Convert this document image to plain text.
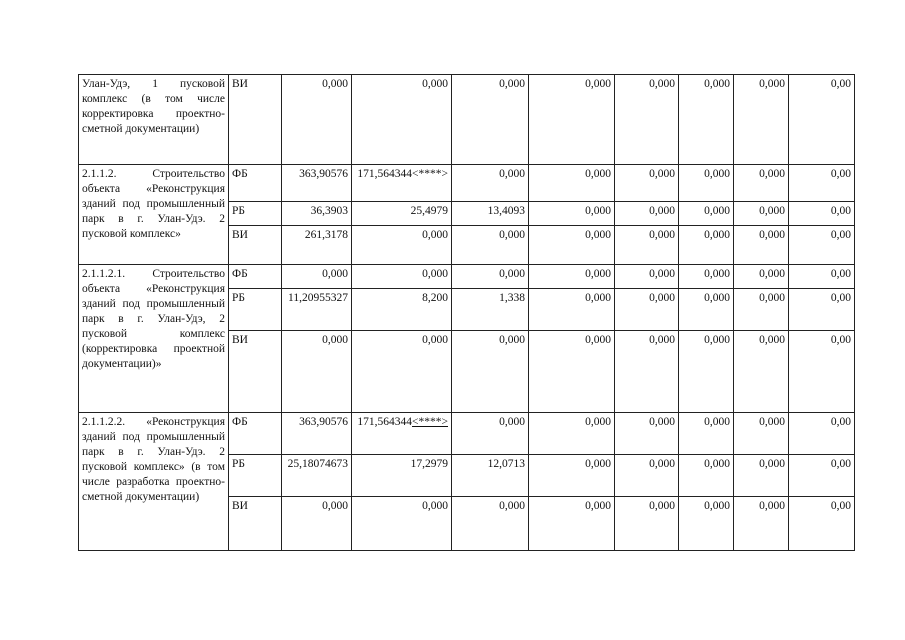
Улан-Удэ, 1 пусковой комплекс (в том числе корректировка проектно-сметной документации)	ВИ	0,000	0,000	0,000	0,000	0,000	0,000	0,000	0,00
2.1.1.2. Строительство объекта «Реконструкция зданий под промышленный парк в г. Улан-Удэ. 2 пусковой комплекс»	ФБ	363,90576	171,564344<****>	0,000	0,000	0,000	0,000	0,000	0,00
	РБ	36,3903	25,4979	13,4093	0,000	0,000	0,000	0,000	0,00
	ВИ	261,3178	0,000	0,000	0,000	0,000	0,000	0,000	0,00
2.1.1.2.1. Строительство объекта «Реконструкция зданий под промышленный парк в г. Улан-Удэ, 2 пусковой комплекс (корректировка проектной документации)»	ФБ	0,000	0,000	0,000	0,000	0,000	0,000	0,000	0,00
	РБ	11,20955327	8,200	1,338	0,000	0,000	0,000	0,000	0,00
	ВИ	0,000	0,000	0,000	0,000	0,000	0,000	0,000	0,00
2.1.1.2.2. «Реконструкция зданий под промышленный парк в г. Улан-Удэ. 2 пусковой комплекс» (в том числе разработка проектно-сметной документации)	ФБ	363,90576	171,564344<****>	0,000	0,000	0,000	0,000	0,000	0,00
	РБ	25,18074673	17,2979	12,0713	0,000	0,000	0,000	0,000	0,00
	ВИ	0,000	0,000	0,000	0,000	0,000	0,000	0,000	0,00
